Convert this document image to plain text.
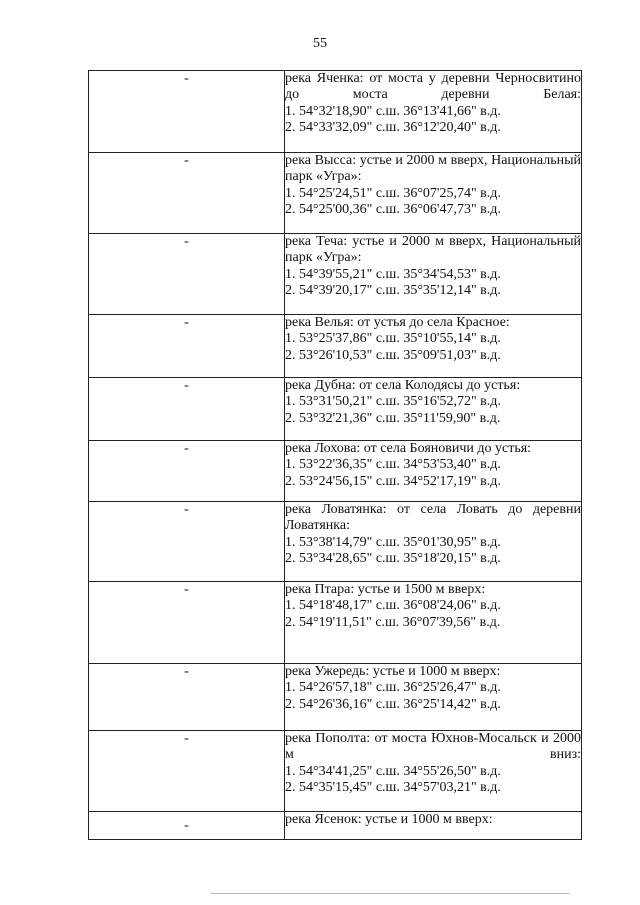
55
-	река Яченка: от моста у деревни Черносвитино до моста деревни Белая:
1. 54°32'18,90" с.ш. 36°13'41,66" в.д.
2. 54°33'32,09" с.ш. 36°12'20,40" в.д.

-	река Высса: устье и 2000 м вверх, Национальный парк «Угра»:
1. 54°25'24,51" с.ш. 36°07'25,74" в.д.
2. 54°25'00,36" с.ш. 36°06'47,73" в.д.

-	река Теча: устье и 2000 м вверх, Национальный парк «Угра»:
1. 54°39'55,21" с.ш. 35°34'54,53" в.д.
2. 54°39'20,17" с.ш. 35°35'12,14" в.д.

-	река Велья: от устья до села Красное:
1. 53°25'37,86" с.ш. 35°10'55,14" в.д.
2. 53°26'10,53" с.ш. 35°09'51,03" в.д.

-	река Дубна: от села Колодясы до устья:
1. 53°31'50,21" с.ш. 35°16'52,72" в.д.
2. 53°32'21,36" с.ш. 35°11'59,90" в.д.

-	река Лохова: от села Бояновичи до устья:
1. 53°22'36,35" с.ш. 34°53'53,40" в.д.
2. 53°24'56,15" с.ш. 34°52'17,19" в.д.

-	река Ловатянка: от села Ловать до деревни Ловатянка:
1. 53°38'14,79" с.ш. 35°01'30,95" в.д.
2. 53°34'28,65" с.ш. 35°18'20,15" в.д.

-	река Птара: устье и 1500 м вверх:
1. 54°18'48,17" с.ш. 36°08'24,06" в.д.
2. 54°19'11,51" с.ш. 36°07'39,56" в.д.

-	река Ужередь: устье и 1000 м вверх:
1. 54°26'57,18" с.ш. 36°25'26,47" в.д.
2. 54°26'36,16" с.ш. 36°25'14,42" в.д.

-	река Пополта: от моста Юхнов-Мосальск и 2000 м вниз:
1. 54°34'41,25" с.ш. 34°55'26,50" в.д.
2. 54°35'15,45" с.ш. 34°57'03,21" в.д.

-	река Ясенок: устье и 1000 м вверх:
